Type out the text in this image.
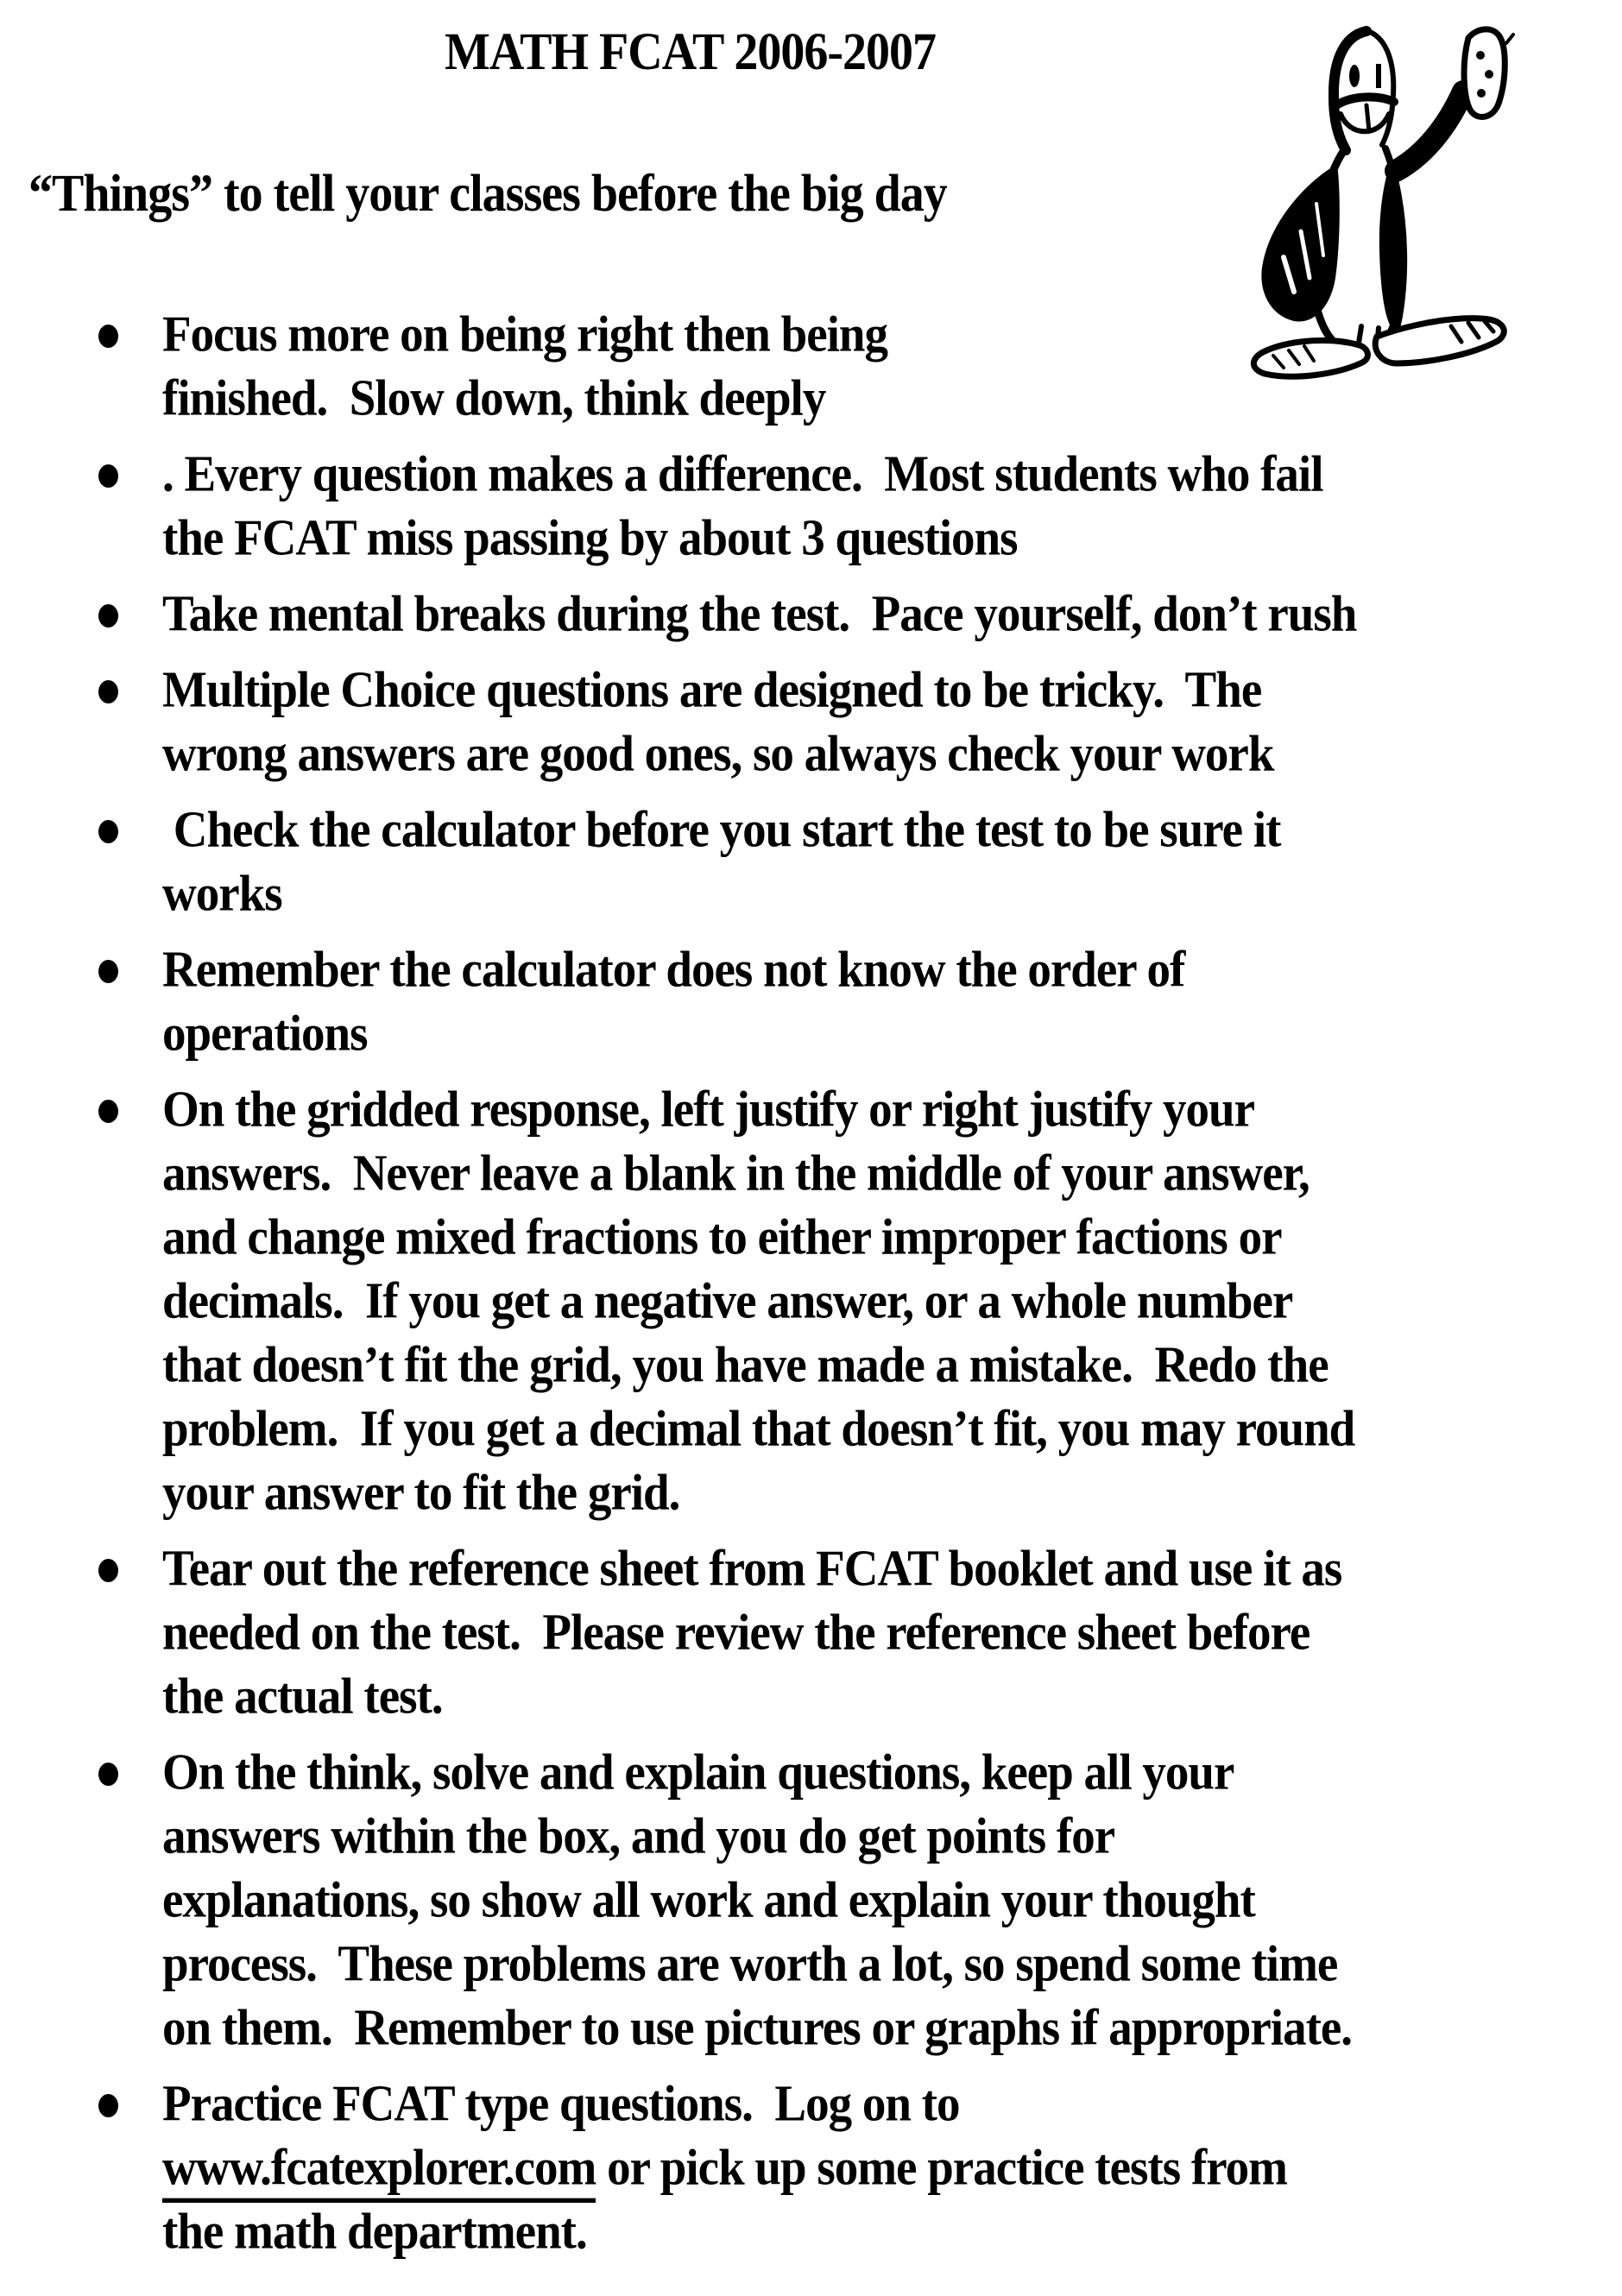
MATH FCAT 2006-2007
“Things” to tell your classes before the big day
Focus more on being right then being
finished.  Slow down, think deeply
. Every question makes a difference.  Most students who fail
the FCAT miss passing by about 3 questions
Take mental breaks during the test.  Pace yourself, don’t rush
Multiple Choice questions are designed to be tricky.  The
wrong answers are good ones, so always check your work
Check the calculator before you start the test to be sure it
works
Remember the calculator does not know the order of
operations
On the gridded response, left justify or right justify your
answers.  Never leave a blank in the middle of your answer,
and change mixed fractions to either improper factions or
decimals.  If you get a negative answer, or a whole number
that doesn’t fit the grid, you have made a mistake.  Redo the
problem.  If you get a decimal that doesn’t fit, you may round
your answer to fit the grid.
Tear out the reference sheet from FCAT booklet and use it as
needed on the test.  Please review the reference sheet before
the actual test.
On the think, solve and explain questions, keep all your
answers within the box, and you do get points for
explanations, so show all work and explain your thought
process.  These problems are worth a lot, so spend some time
on them.  Remember to use pictures or graphs if appropriate.
Practice FCAT type questions.  Log on to
www.fcatexplorer.com or pick up some practice tests from
the math department.
